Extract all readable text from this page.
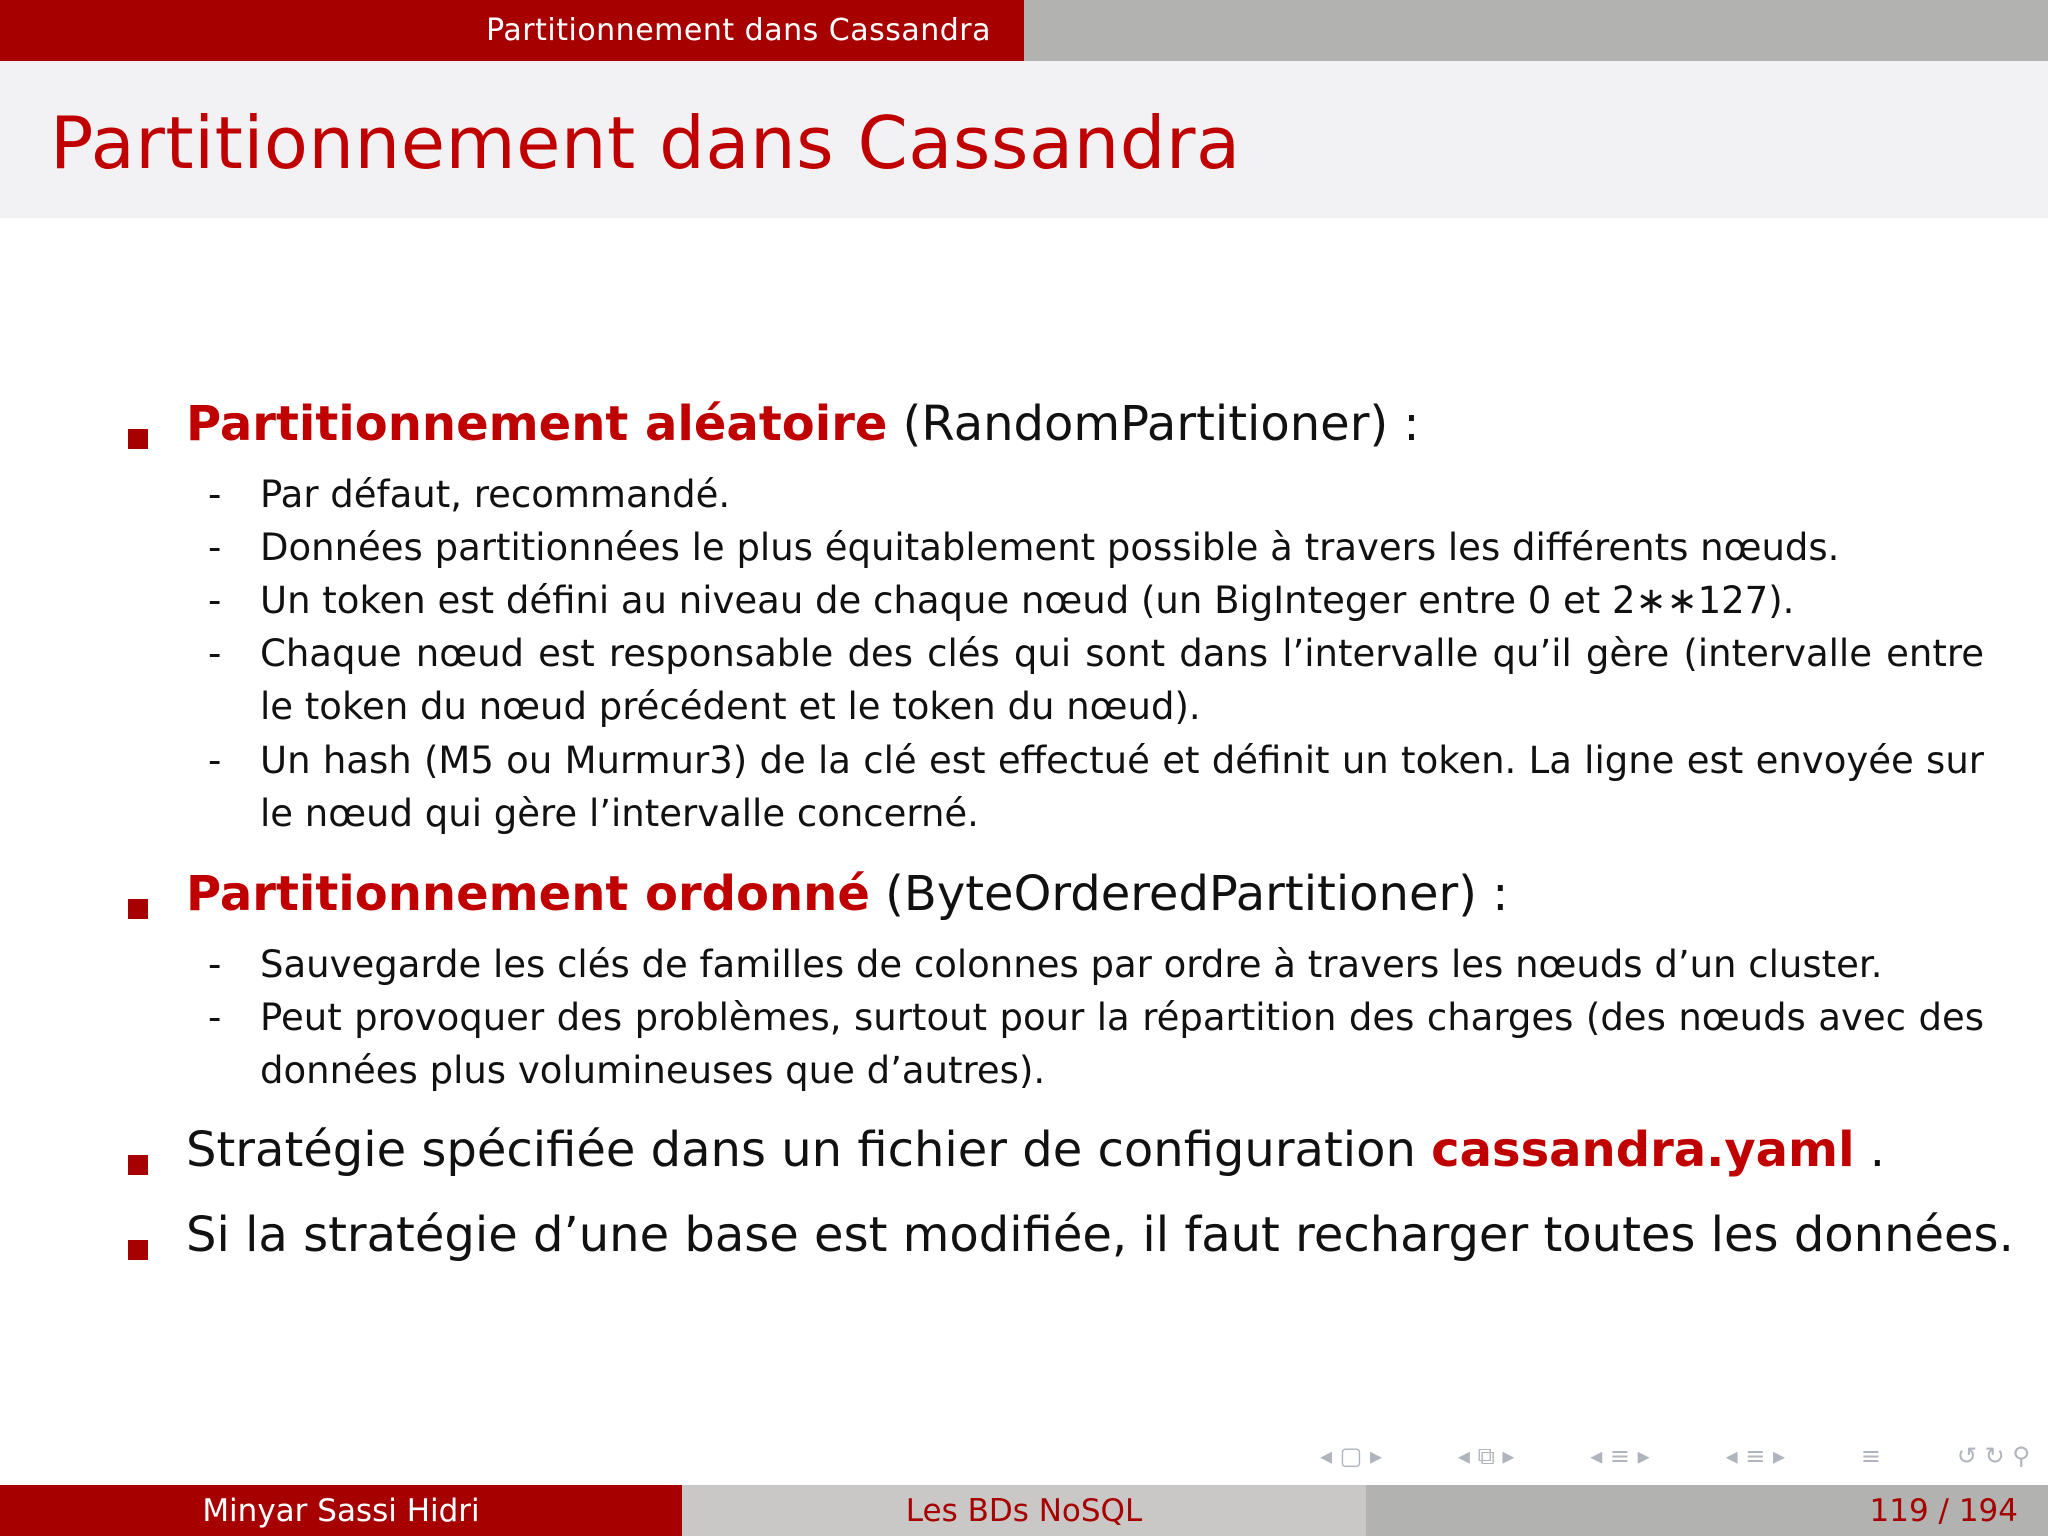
Partitionnement dans Cassandra
Partitionnement dans Cassandra
Partitionnement aléatoire (RandomPartitioner) :
- Par défaut, recommandé.
- Données partitionnées le plus équitablement possible à travers les différents nœuds.
- Un token est défini au niveau de chaque nœud (un BigInteger entre 0 et 2∗∗127).
- Chaque nœud est responsable des clés qui sont dans l’intervalle qu’il gère (intervalle entre le token du nœud précédent et le token du nœud).
- Un hash (M5 ou Murmur3) de la clé est effectué et définit un token. La ligne est envoyée sur le nœud qui gère l’intervalle concerné.
Partitionnement ordonné (ByteOrderedPartitioner) :
- Sauvegarde les clés de familles de colonnes par ordre à travers les nœuds d’un cluster.
- Peut provoquer des problèmes, surtout pour la répartition des charges (des nœuds avec des données plus volumineuses que d’autres).
Stratégie spécifiée dans un fichier de configuration cassandra.yaml .
Si la stratégie d’une base est modifiée, il faut recharger toutes les données.
◂ ▢ ▸	◂ ⧉ ▸	◂ ≡ ▸	◂ ≡ ▸	≡	↺ ↻ ⚲
Minyar Sassi Hidri	Les BDs NoSQL	119 / 194
